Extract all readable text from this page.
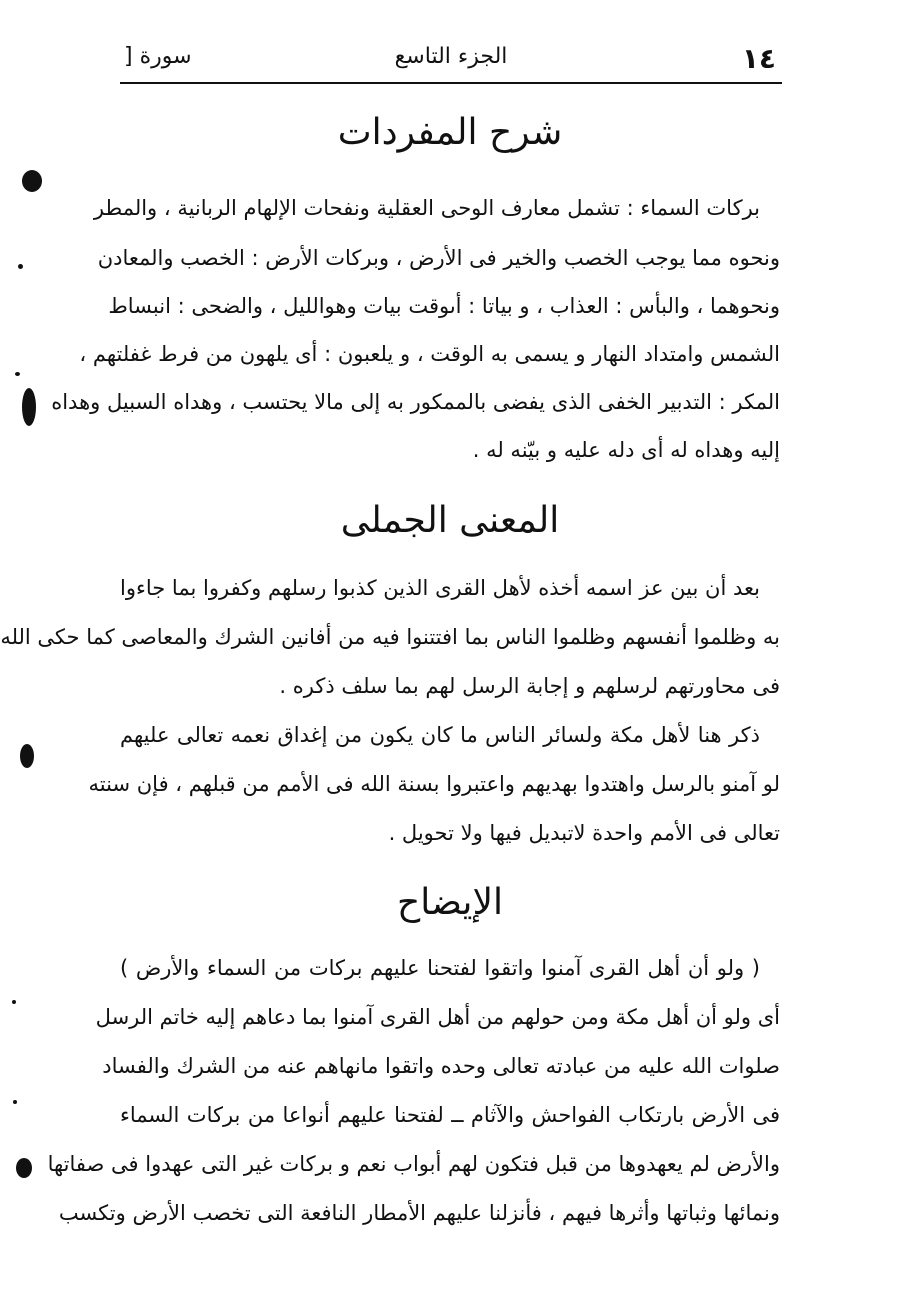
١٤
الجزء التاسع
سورة [
شرح المفردات
بركات السماء : تشمل معارف الوحى العقلية ونفحات الإلهام الربانية ، والمطر
ونحوه مما يوجب الخصب والخير فى الأرض ، وبركات الأرض : الخصب والمعادن
ونحوهما ، والبأس : العذاب ، و بياتا : أىوقت بيات وهوالليل ، والضحى : انبساط
الشمس وامتداد النهار و يسمى به الوقت ، و يلعبون : أى يلهون من فرط غفلتهم ،
المكر : التدبير الخفى الذى يفضى بالممكور به إلى مالا يحتسب ، وهداه السبيل وهداه
إليه وهداه له أى دله عليه و بيّنه له .
المعنى الجملى
بعد أن بين عز اسمه أخذه لأهل القرى الذين كذبوا رسلهم وكفروا بما جاءوا
به وظلموا أنفسهم وظلموا الناس بما افتتنوا فيه من أفانين الشرك والمعاصى كما حكى الله
فى محاورتهم لرسلهم و إجابة الرسل لهم بما سلف ذكره .
ذكر هنا لأهل مكة ولسائر الناس ما كان يكون من إغداق نعمه تعالى عليهم
لو آمنو بالرسل واهتدوا بهديهم واعتبروا بسنة الله فى الأمم من قبلهم ، فإن سنته
تعالى فى الأمم واحدة لاتبديل فيها ولا تحويل .
الإيضاح
( ولو أن أهل القرى آمنوا واتقوا لفتحنا عليهم بركات من السماء والأرض )
أى ولو أن أهل مكة ومن حولهم من أهل القرى آمنوا بما دعاهم إليه خاتم الرسل
صلوات الله عليه من عبادته تعالى وحده واتقوا مانهاهم عنه من الشرك والفساد
فى الأرض بارتكاب الفواحش والآثام ــ لفتحنا عليهم أنواعا من بركات السماء
والأرض لم يعهدوها من قبل فتكون لهم أبواب نعم و بركات غير التى عهدوا فى صفاتها
ونمائها وثباتها وأثرها فيهم ، فأنزلنا عليهم الأمطار النافعة التى تخصب الأرض وتكسب
